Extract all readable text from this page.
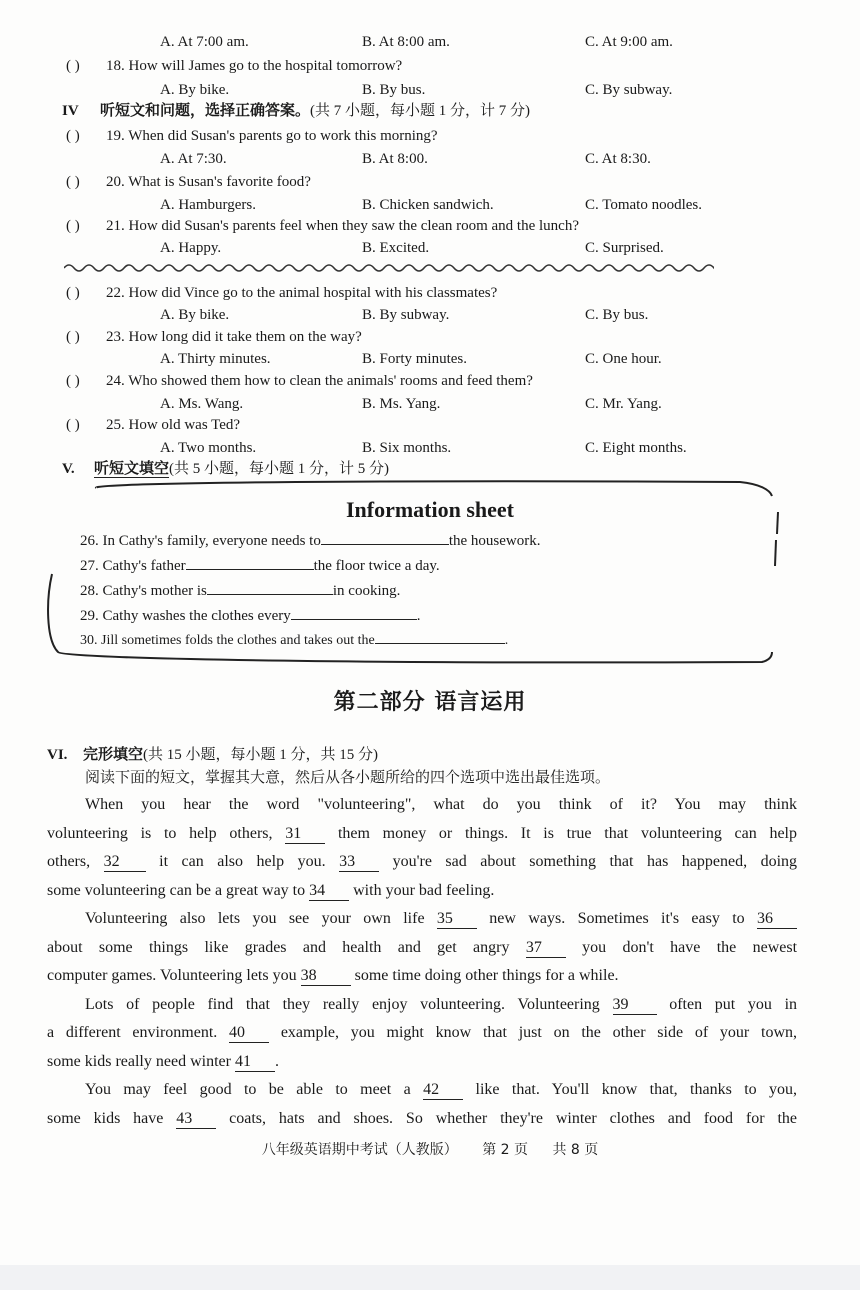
A. At 7:00 am.	B. At 8:00 am.	C. At 9:00 am.
( ) 18. How will James go to the hospital tomorrow?
A. By bike.	B. By bus.	C. By subway.
IV 听短文和问题，选择正确答案。(共 7 小题，每小题 1 分，计 7 分)
( ) 19. When did Susan's parents go to work this morning?
A. At 7:30.	B. At 8:00.	C. At 8:30.
( ) 20. What is Susan's favorite food?
A. Hamburgers.	B. Chicken sandwich.	C. Tomato noodles.
( ) 21. How did Susan's parents feel when they saw the clean room and the lunch?
A. Happy.	B. Excited.	C. Surprised.
( ) 22. How did Vince go to the animal hospital with his classmates?
A. By bike.	B. By subway.	C. By bus.
( ) 23. How long did it take them on the way?
A. Thirty minutes.	B. Forty minutes.	C. One hour.
( ) 24. Who showed them how to clean the animals' rooms and feed them?
A. Ms. Wang.	B. Ms. Yang.	C. Mr. Yang.
( ) 25. How old was Ted?
A. Two months.	B. Six months.	C. Eight months.
V. 听短文填空(共 5 小题，每小题 1 分，计 5 分)
Information sheet
26. In Cathy's family, everyone needs to	the housework.
27. Cathy's father	the floor twice a day.
28. Cathy's mother is	in cooking.
29. Cathy washes the clothes every	.
30. Jill sometimes folds the clothes and takes out the	.
第二部分 语言运用
VI. 完形填空(共 15 小题，每小题 1 分，共 15 分)
阅读下面的短文，掌握其大意，然后从各小题所给的四个选项中选出最佳选项。
When you hear the word "volunteering", what do you think of it? You may think
volunteering is to help others, 31 them money or things. It is true that volunteering can help
others, 32 it can also help you. 33 you're sad about something that has happened, doing
some volunteering can be a great way to 34 with your bad feeling.
Volunteering also lets you see your own life 35 new ways. Sometimes it's easy to 36
about some things like grades and health and get angry 37	you don't have the newest
computer games. Volunteering lets you 38 some time doing other things for a while.
Lots of people find that they really enjoy volunteering. Volunteering 39	often put you in
a different environment. 40 example, you might know that just on the other side of your town,
some kids really need winter 41 .
You may feel good to be able to meet a 42 like that. You'll know that, thanks to you,
some kids have 43 coats, hats and shoes. So whether they're winter clothes and food for the
八年级英语期中考试（人教版） 第 2 页 共 8 页
